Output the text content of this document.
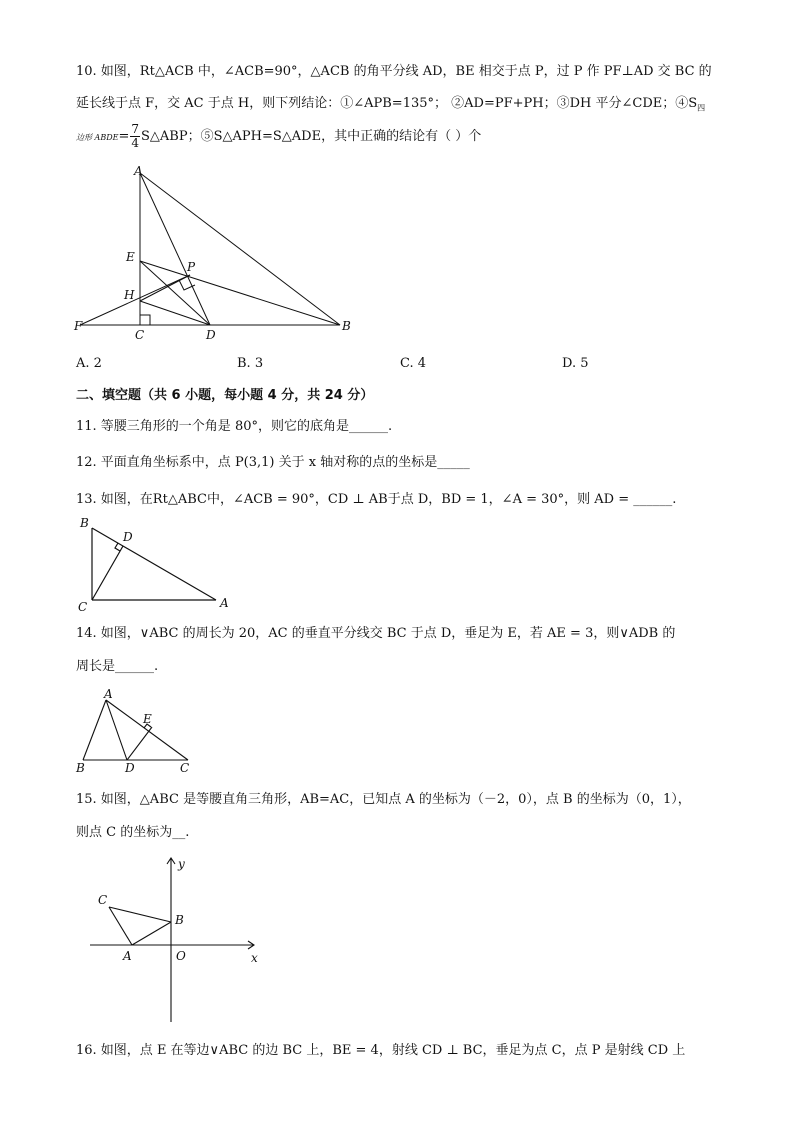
10. 如图，Rt△ACB 中，∠ACB=90°，△ACB 的角平分线 AD，BE 相交于点 P，过 P 作 PF⊥AD 交 BC 的
延长线于点 F，交 AC 于点 H，则下列结论：①∠APB=135°； ②AD=PF+PH；③DH 平分∠CDE；$④S_四$
边形 ABDE= $\frac{7}{4}$ S△ABP；⑤S△APH=S△ADE，其中正确的结论有（ ）个
A
E
P
H
F
C	D
B
A. 2	B. 3	C. 4	D. 5
二、填空题（共 6 小题，每小题 4 分，共 24 分）
11. 等腰三角形的一个角是 80°，则它的底角是______.
12. 平面直角坐标系中，点 P(3,1) 关于 x 轴对称的点的坐标是_____
13. 如图，在Rt△ABC中，∠ACB = 90°，CD ⊥ AB于点 D，BD = 1，∠A = 30°，则 AD = ______.
B
D
C	A
14. 如图，∨ABC 的周长为 20，AC 的垂直平分线交 BC 于点 D，垂足为 E，若 AE = 3，则∨ADB 的
周长是______.
A
E
B	D	C
15. 如图，△ABC 是等腰直角三角形，AB=AC，已知点 A 的坐标为（－2，0），点 B 的坐标为（0，1），
则点 C 的坐标为__.
y
x
O
A
B
C
16. 如图，点 E 在等边∨ABC 的边 BC 上，BE = 4，射线 CD ⊥ BC，垂足为点 C，点 P 是射线 CD 上
